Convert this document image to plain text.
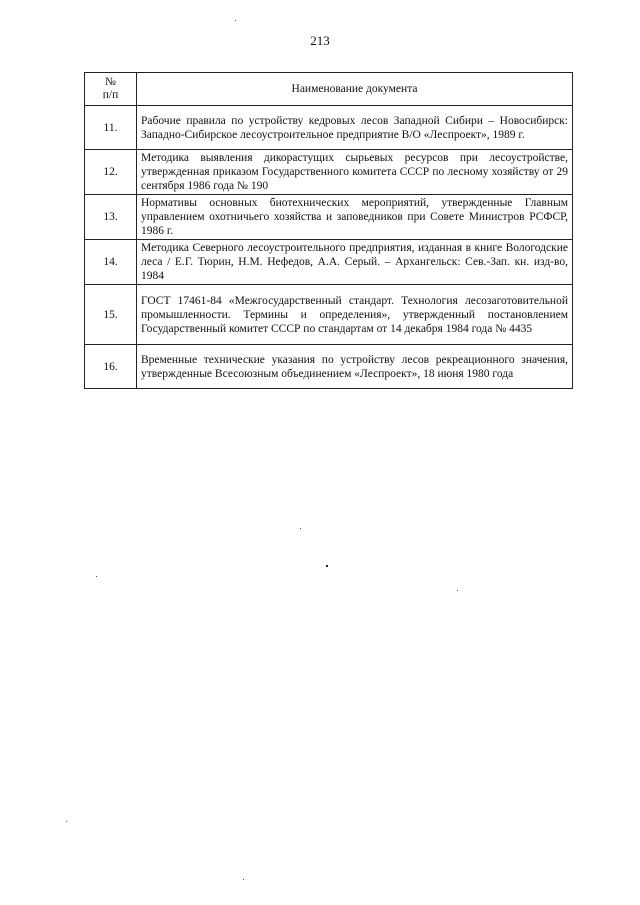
213
№
п/п	Наименование документа
11.	Рабочие правила по устройству кедровых лесов Западной Сибири – Новосибирск: Западно-Сибирское лесоустроительное предприятие В/О «Леспроект», 1989 г.
12.	Методика выявления дикорастущих сырьевых ресурсов при лесоустройстве, утвержденная приказом Государственного комитета СССР по лесному хозяйству от 29 сентября 1986 года № 190
13.	Нормативы основных биотехнических мероприятий, утвержденные Главным управлением охотничьего хозяйства и заповедников при Совете Министров РСФСР, 1986 г.
14.	Методика Северного лесоустроительного предприятия, изданная в книге Вологодские леса / Е.Г. Тюрин, Н.М. Нефедов, А.А. Серый. – Архангельск: Сев.-Зап. кн. изд-во, 1984
15.	ГОСТ 17461-84 «Межгосударственный стандарт. Технология лесозаготовительной промышленности. Термины и определения», утвержденный постановлением Государственный комитет СССР по стандартам от 14 декабря 1984 года № 4435
16.	Временные технические указания по устройству лесов рекреационного значения, утвержденные Всесоюзным объединением «Леспроект», 18 июня 1980 года
